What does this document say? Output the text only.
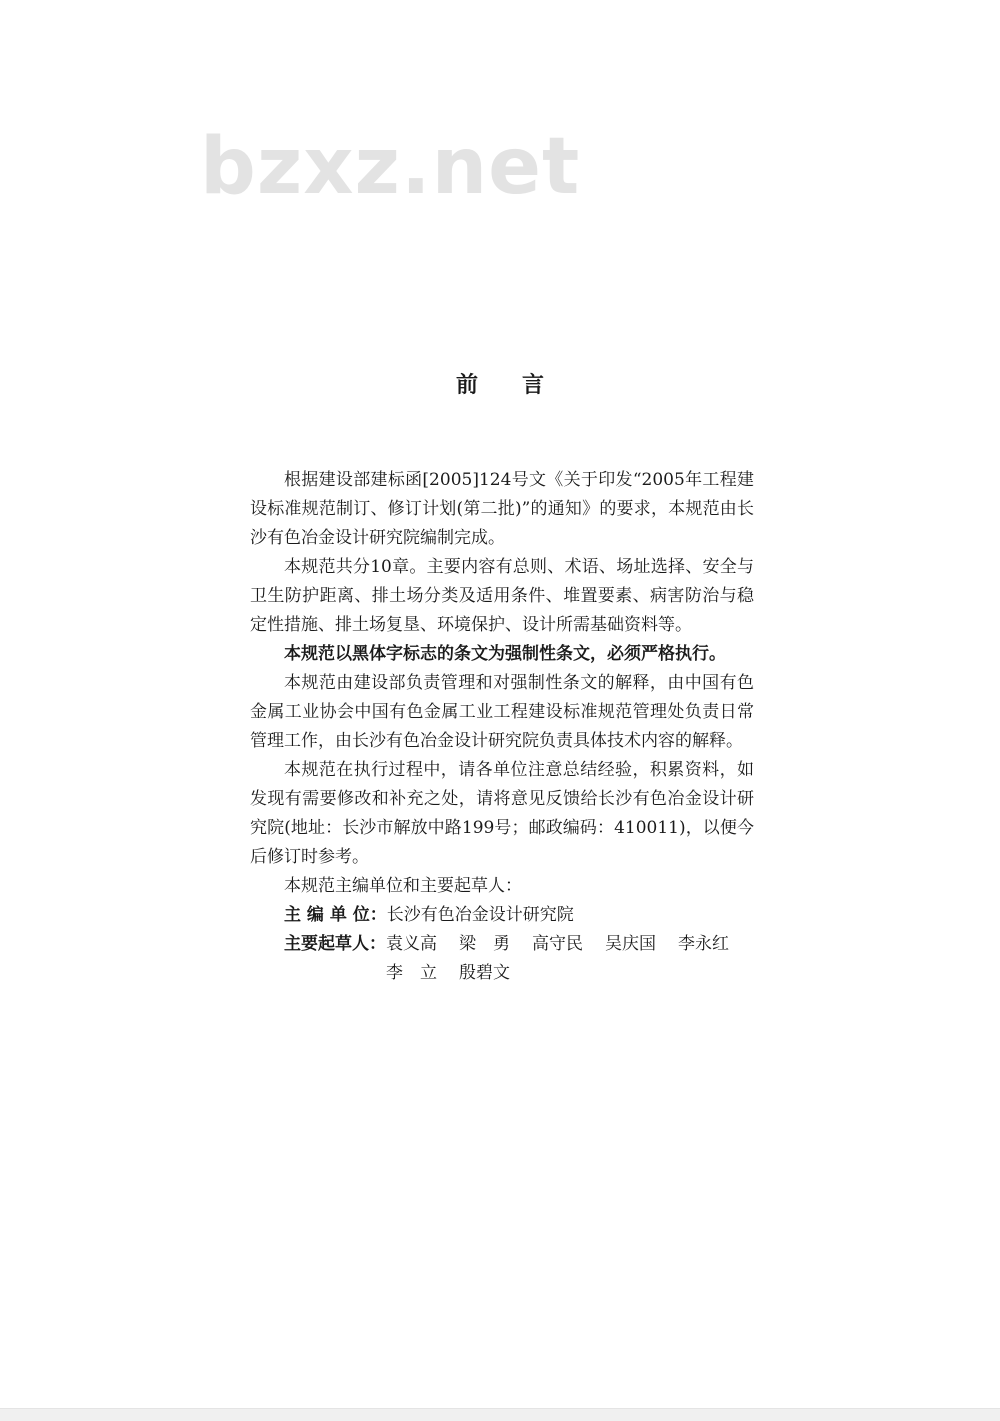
bzxz.net
前言

根据建设部建标函[2005]124号文《关于印发“2005年工程建设标准规范制订、修订计划(第二批)”的通知》的要求，本规范由长沙有色冶金设计研究院编制完成。

本规范共分10章。主要内容有总则、术语、场址选择、安全与卫生防护距离、排土场分类及适用条件、堆置要素、病害防治与稳定性措施、排土场复垦、环境保护、设计所需基础资料等。

本规范以黑体字标志的条文为强制性条文，必须严格执行。

本规范由建设部负责管理和对强制性条文的解释，由中国有色金属工业协会中国有色金属工业工程建设标准规范管理处负责日常管理工作，由长沙有色冶金设计研究院负责具体技术内容的解释。

本规范在执行过程中，请各单位注意总结经验，积累资料，如发现有需要修改和补充之处，请将意见反馈给长沙有色冶金设计研究院(地址：长沙市解放中路199号；邮政编码：410011)，以便今后修订时参考。

本规范主编单位和主要起草人：

主 编 单 位： 长沙有色冶金设计研究院
主要起草人： 袁义高 梁　勇 高守民 吴庆国 李永红李　立 殷碧文
